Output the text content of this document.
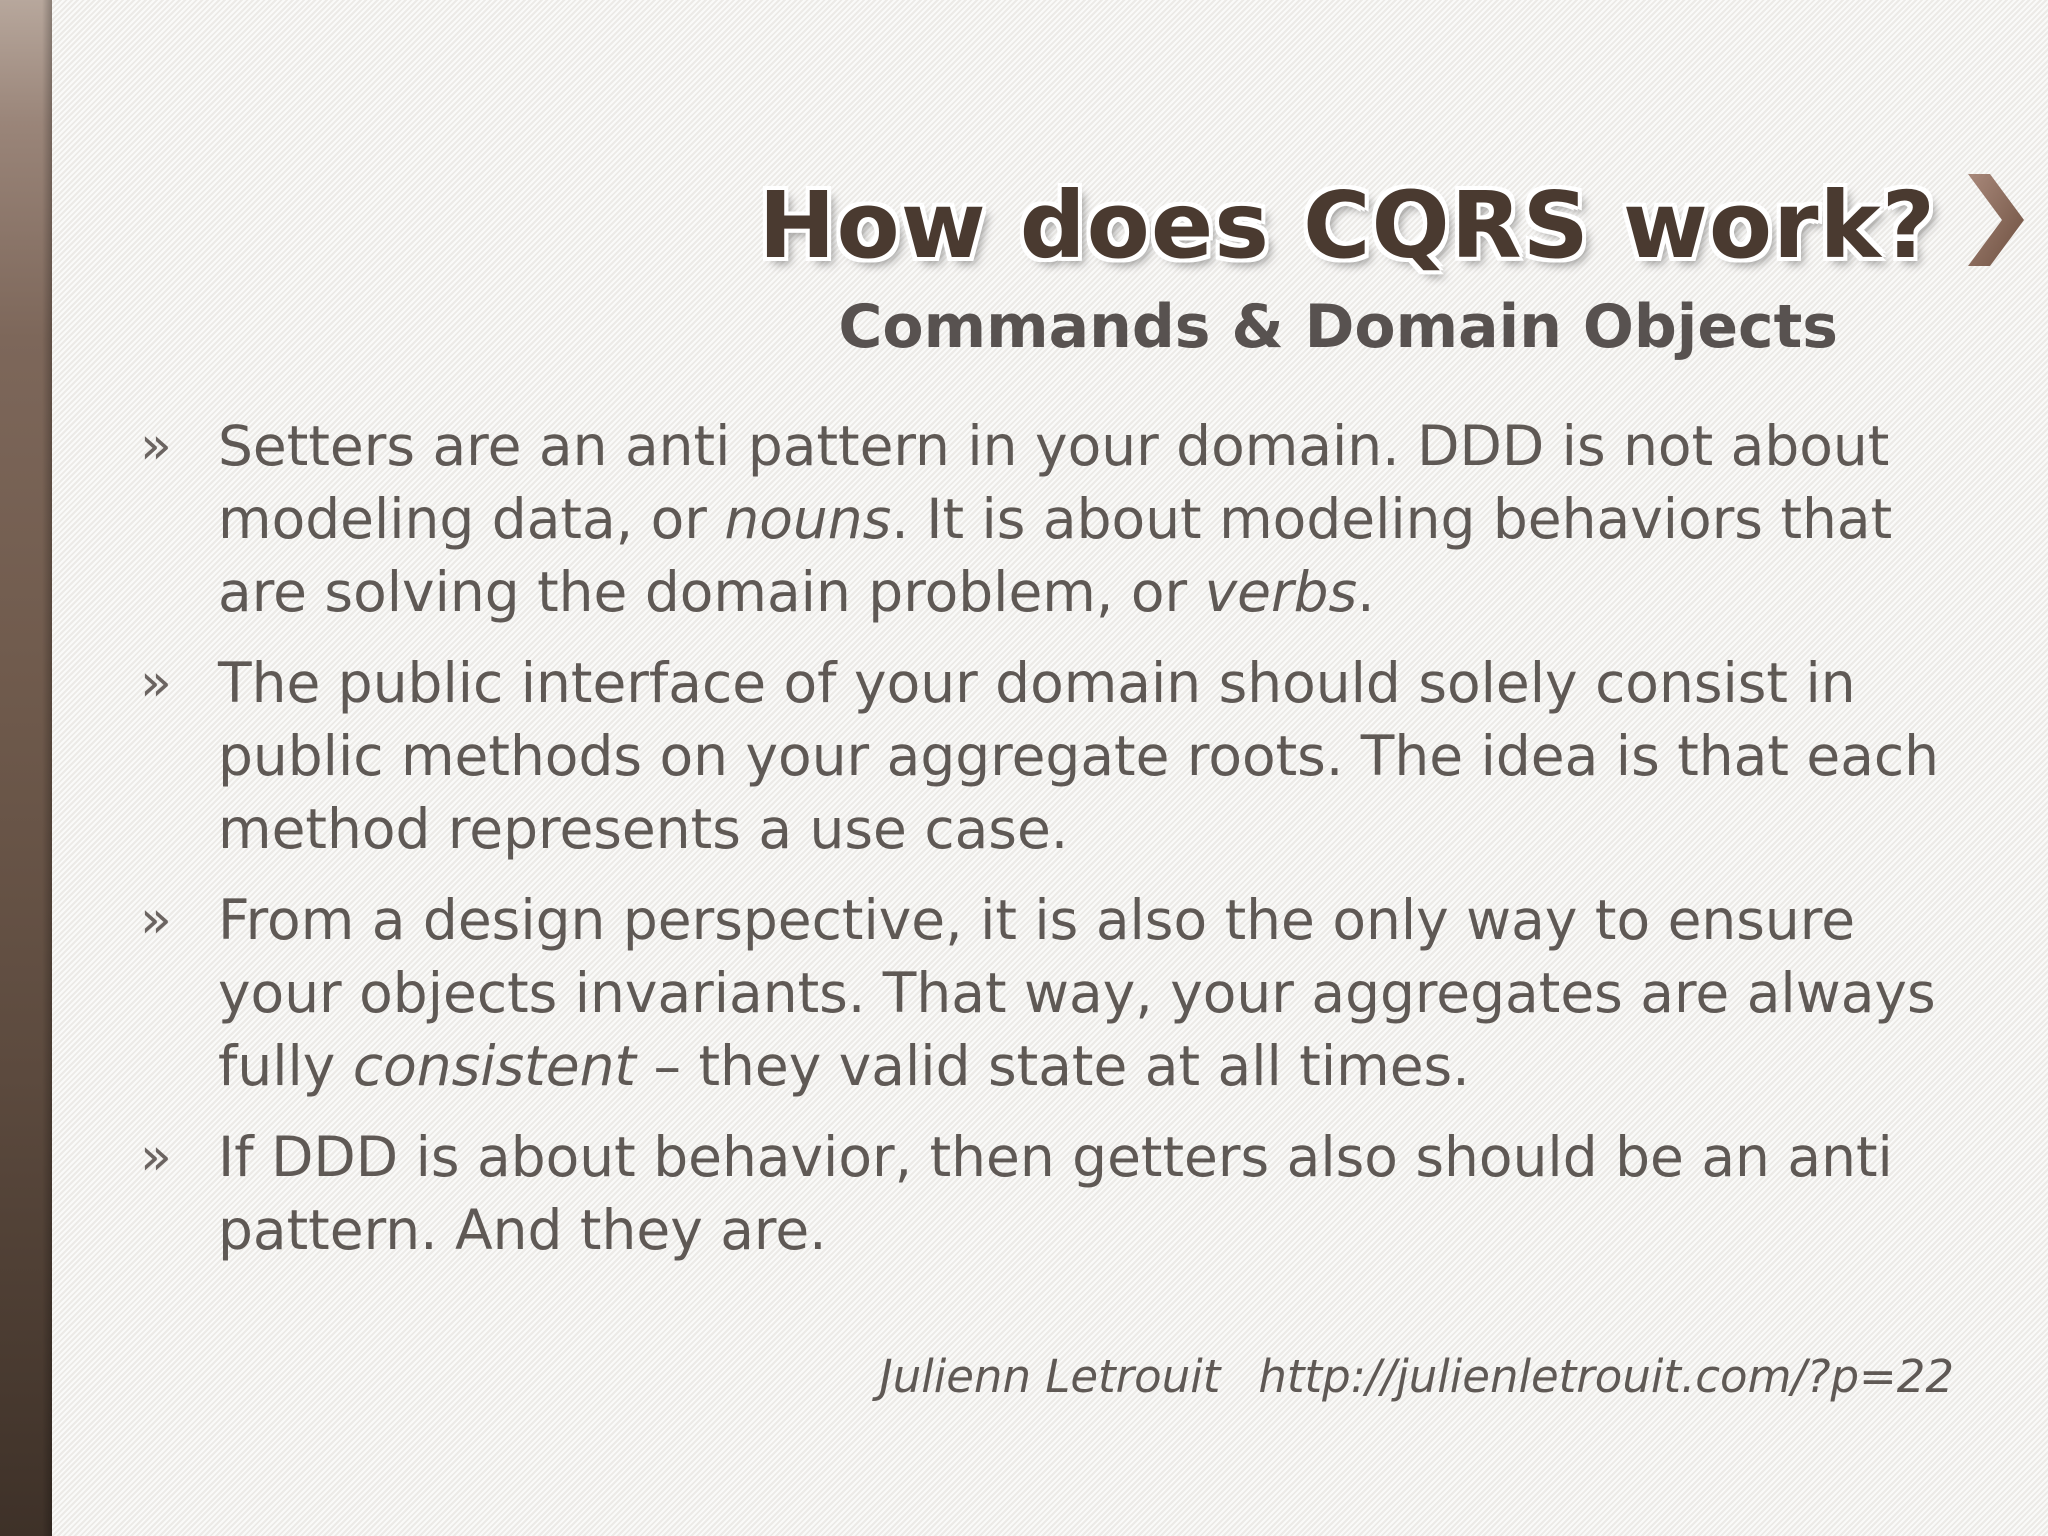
How does CQRS work?
Commands & Domain Objects
» Setters are an anti pattern in your domain. DDD is not about modeling data, or nouns. It is about modeling behaviors that are solving the domain problem, or verbs.
» The public interface of your domain should solely consist in public methods on your aggregate roots. The idea is that each method represents a use case.
» From a design perspective, it is also the only way to ensure your objects invariants. That way, your aggregates are always fully consistent – they valid state at all times.
» If DDD is about behavior, then getters also should be an anti pattern. And they are.
Julienn Letrouit http://julienletrouit.com/?p=22
